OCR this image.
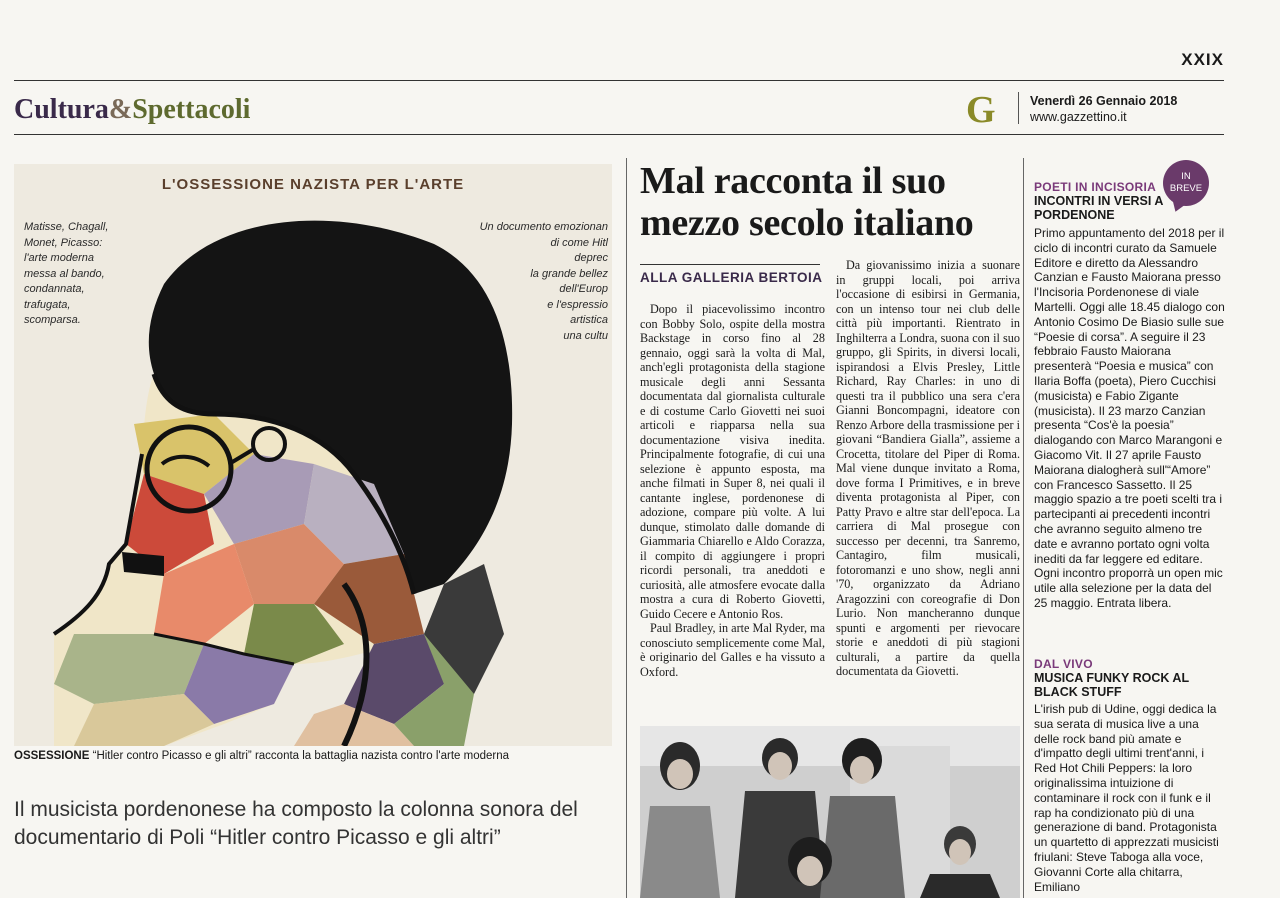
XXIX
Cultura&Spettacoli	G	Venerdì 26 Gennaio 2018
www.gazzettino.it
L'OSSESSIONE NAZISTA PER L'ARTE
Matisse, Chagall,
Monet, Picasso:
l'arte moderna
messa al bando,
condannata,
trafugata,
scomparsa.
Un documento emozionan
di come Hitl
deprec
la grande bellez
dell'Europ
e l'espressio
artistica
una cultu
OSSESSIONE “Hitler contro Picasso e gli altri” racconta la battaglia nazista contro l'arte moderna
Il musicista pordenonese ha composto la colonna sonora del documentario di Poli “Hitler contro Picasso e gli altri”
Mal racconta il suo mezzo secolo italiano
ALLA GALLERIA BERTOIA

Dopo il piacevolissimo incontro con Bobby Solo, ospite della mostra Backstage in corso fino al 28 gennaio, oggi sarà la volta di Mal, anch'egli protagonista della stagione musicale degli anni Sessanta documentata dal giornalista culturale e di costume Carlo Giovetti nei suoi articoli e riapparsa nella sua documentazione visiva inedita. Principalmente fotografie, di cui una selezione è appunto esposta, ma anche filmati in Super 8, nei quali il cantante inglese, pordenonese di adozione, compare più volte. A lui dunque, stimolato dalle domande di Giammaria Chiarello e Aldo Corazza, il compito di aggiungere i propri ricordi personali, tra aneddoti e curiosità, alle atmosfere evocate dalla mostra a cura di Roberto Giovetti, Guido Cecere e Antonio Ros.

Paul Bradley, in arte Mal Ryder, ma conosciuto semplicemente come Mal, è originario del Galles e ha vissuto a Oxford.

Da giovanissimo inizia a suonare in gruppi locali, poi arriva l'occasione di esibirsi in Germania, con un intenso tour nei club delle città più importanti. Rientrato in Inghilterra a Londra, suona con il suo gruppo, gli Spirits, in diversi locali, ispirandosi a Elvis Presley, Little Richard, Ray Charles: in uno di questi tra il pubblico una sera c'era Gianni Boncompagni, ideatore con Renzo Arbore della trasmissione per i giovani “Bandiera Gialla”, assieme a Crocetta, titolare del Piper di Roma. Mal viene dunque invitato a Roma, dove forma I Primitives, e in breve diventa protagonista al Piper, con Patty Pravo e altre star dell'epoca. La carriera di Mal prosegue con successo per decenni, tra Sanremo, Cantagiro, film musicali, fotoromanzi e uno show, negli anni '70, organizzato da Adriano Aragozzini con coreografie di Don Lurio. Non mancheranno dunque spunti e argomenti per rievocare storie e aneddoti di più stagioni culturali, a partire da quella documentata da Giovetti.

IN
BREVE
POETI IN INCISORIA
INCONTRI IN VERSI A PORDENONE
Primo appuntamento del 2018 per il ciclo di incontri curato da Samuele Editore e diretto da Alessandro Canzian e Fausto Maiorana presso l'Incisoria Pordenonese di viale Martelli. Oggi alle 18.45 dialogo con Antonio Cosimo De Biasio sulle sue “Poesie di corsa”. A seguire il 23 febbraio Fausto Maiorana presenterà “Poesia e musica” con Ilaria Boffa (poeta), Piero Cucchisi (musicista) e Fabio Zigante (musicista). Il 23 marzo Canzian presenta “Cos'è la poesia” dialogando con Marco Marangoni e Giacomo Vit. Il 27 aprile Fausto Maiorana dialogherà sull'“Amore” con Francesco Sassetto. Il 25 maggio spazio a tre poeti scelti tra i partecipanti ai precedenti incontri che avranno seguito almeno tre date e avranno portato ogni volta inediti da far leggere ed editare. Ogni incontro proporrà un open mic utile alla selezione per la data del 25 maggio. Entrata libera.
DAL VIVO
MUSICA FUNKY ROCK AL BLACK STUFF
L'irish pub di Udine, oggi dedica la sua serata di musica live a una delle rock band più amate e d'impatto degli ultimi trent'anni, i Red Hot Chili Peppers: la loro originalissima intuizione di contaminare il rock con il funk e il rap ha condizionato più di una generazione di band. Protagonista un quartetto di apprezzati musicisti friulani: Steve Taboga alla voce, Giovanni Corte alla chitarra, Emiliano
